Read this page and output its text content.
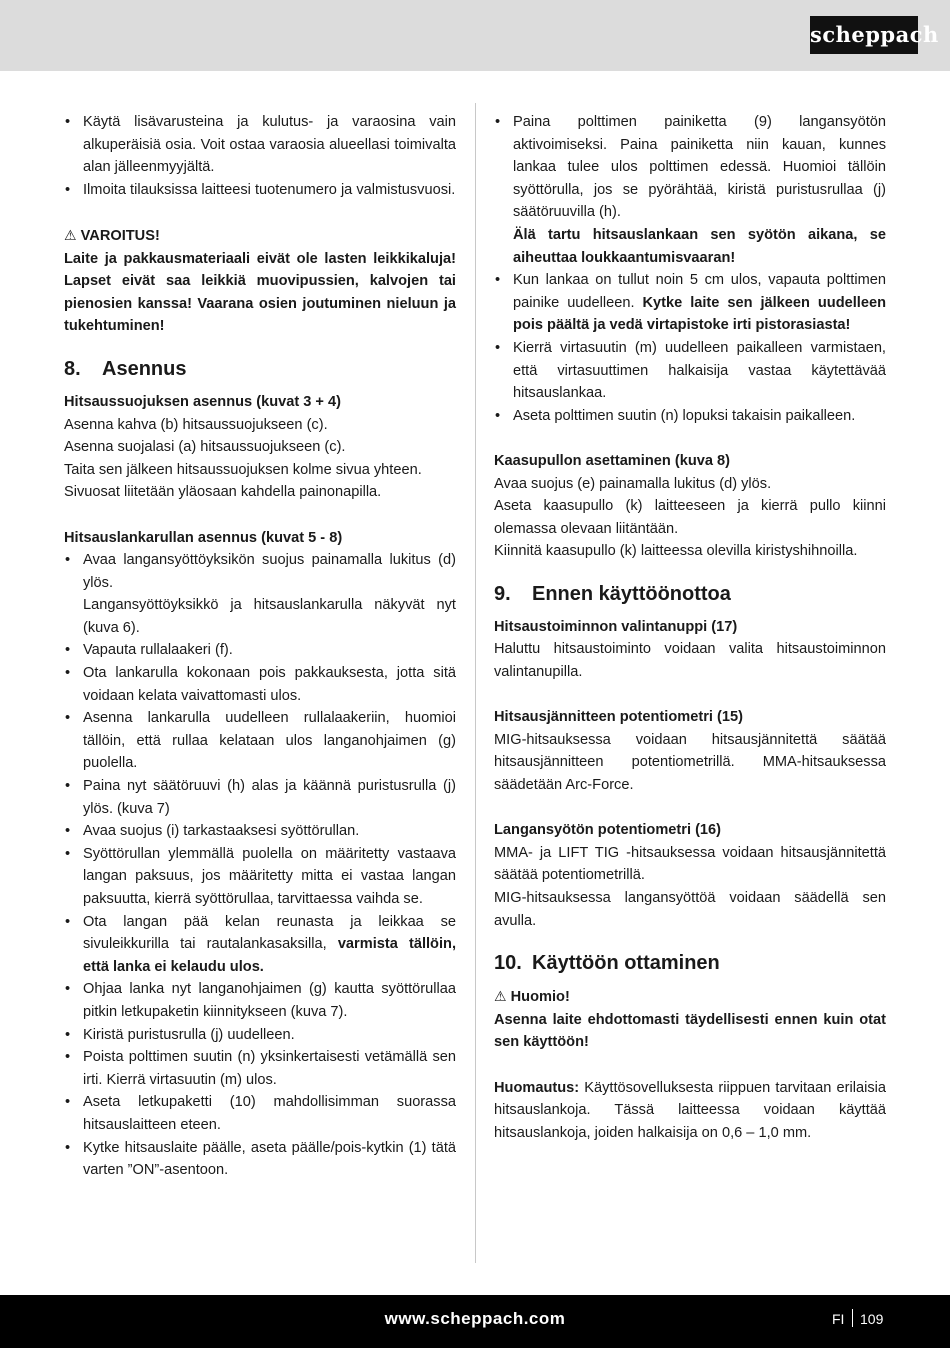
scheppach
• Käytä lisävarusteina ja kulutus- ja varaosina vain alkuperäisiä osia. Voit ostaa varaosia alueellasi toimivalta alan jälleenmyyjältä.
• Ilmoita tilauksissa laitteesi tuotenumero ja valmistusvuosi.

⚠ VAROITUS!

Laite ja pakkausmateriaali eivät ole lasten leikkikaluja! Lapset eivät saa leikkiä muovipussien, kalvojen tai pienosien kanssa! Vaarana osien joutuminen nieluun ja tukehtuminen!

8. Asennus

Hitsaussuojuksen asennus (kuvat 3 + 4)

Asenna kahva (b) hitsaussuojukseen (c).

Asenna suojalasi (a) hitsaussuojukseen (c).

Taita sen jälkeen hitsaussuojuksen kolme sivua yhteen.

Sivuosat liitetään yläosaan kahdella painonapilla.

Hitsauslankarullan asennus (kuvat 5 - 8)

• Avaa langansyöttöyksikön suojus painamalla lukitus (d) ylös.

Langansyöttöyksikkö ja hitsauslankarulla näkyvät nyt (kuva 6).

• Vapauta rullalaakeri (f).
• Ota lankarulla kokonaan pois pakkauksesta, jotta sitä voidaan kelata vaivattomasti ulos.
• Asenna lankarulla uudelleen rullalaakeriin, huomioi tällöin, että rullaa kelataan ulos langanohjaimen (g) puolella.
• Paina nyt säätöruuvi (h) alas ja käännä puristusrulla (j) ylös. (kuva 7)
• Avaa suojus (i) tarkastaaksesi syöttörullan.
• Syöttörullan ylemmällä puolella on määritetty vastaava langan paksuus, jos määritetty mitta ei vastaa langan paksuutta, kierrä syöttörullaa, tarvittaessa vaihda se.
• Ota langan pää kelan reunasta ja leikkaa se sivuleikkurilla tai rautalankasaksilla, varmista tällöin, että lanka ei kelaudu ulos.
• Ohjaa lanka nyt langanohjaimen (g) kautta syöttörullaa pitkin letkupaketin kiinnitykseen (kuva 7).
• Kiristä puristusrulla (j) uudelleen.
• Poista polttimen suutin (n) yksinkertaisesti vetämällä sen irti. Kierrä virtasuutin (m) ulos.
• Aseta letkupaketti (10) mahdollisimman suorassa hitsauslaitteen eteen.
• Kytke hitsauslaite päälle, aseta päälle/pois-kytkin (1) tätä varten ”ON”-asentoon.
• Paina polttimen painiketta (9) langansyötön aktivoimiseksi. Paina painiketta niin kauan, kunnes lankaa tulee ulos polttimen edessä. Huomioi tällöin syöttörulla, jos se pyörähtää, kiristä puristusrullaa (j) säätöruuvilla (h).
Älä tartu hitsauslankaan sen syötön aikana, se aiheuttaa loukkaantumisvaaran!
• Kun lankaa on tullut noin 5 cm ulos, vapauta polttimen painike uudelleen. Kytke laite sen jälkeen uudelleen pois päältä ja vedä virtapistoke irti pistorasiasta!
• Kierrä virtasuutin (m) uudelleen paikalleen varmistaen, että virtasuuttimen halkaisija vastaa käytettävää hitsauslankaa.
• Aseta polttimen suutin (n) lopuksi takaisin paikalleen.

Kaasupullon asettaminen (kuva 8)

Avaa suojus (e) painamalla lukitus (d) ylös.

Aseta kaasupullo (k) laitteeseen ja kierrä pullo kiinni olemassa olevaan liitäntään.

Kiinnitä kaasupullo (k) laitteessa olevilla kiristyshihnoilla.

9. Ennen käyttöönottoa

Hitsaustoiminnon valintanuppi (17)

Haluttu hitsaustoiminto voidaan valita hitsaustoiminnon valintanupilla.

Hitsausjännitteen potentiometri (15)

MIG-hitsauksessa voidaan hitsausjännitettä säätää hitsausjännitteen potentiometrillä. MMA-hitsauksessa säädetään Arc-Force.

Langansyötön potentiometri (16)

MMA- ja LIFT TIG -hitsauksessa voidaan hitsausjännitettä säätää potentiometrillä.

MIG-hitsauksessa langansyöttöä voidaan säädellä sen avulla.

10. Käyttöön ottaminen

⚠ Huomio!

Asenna laite ehdottomasti täydellisesti ennen kuin otat sen käyttöön!

Huomautus: Käyttösovelluksesta riippuen tarvitaan erilaisia hitsauslankoja. Tässä laitteessa voidaan käyttää hitsauslankoja, joiden halkaisija on 0,6 – 1,0 mm.

www.scheppach.com	FI 109
